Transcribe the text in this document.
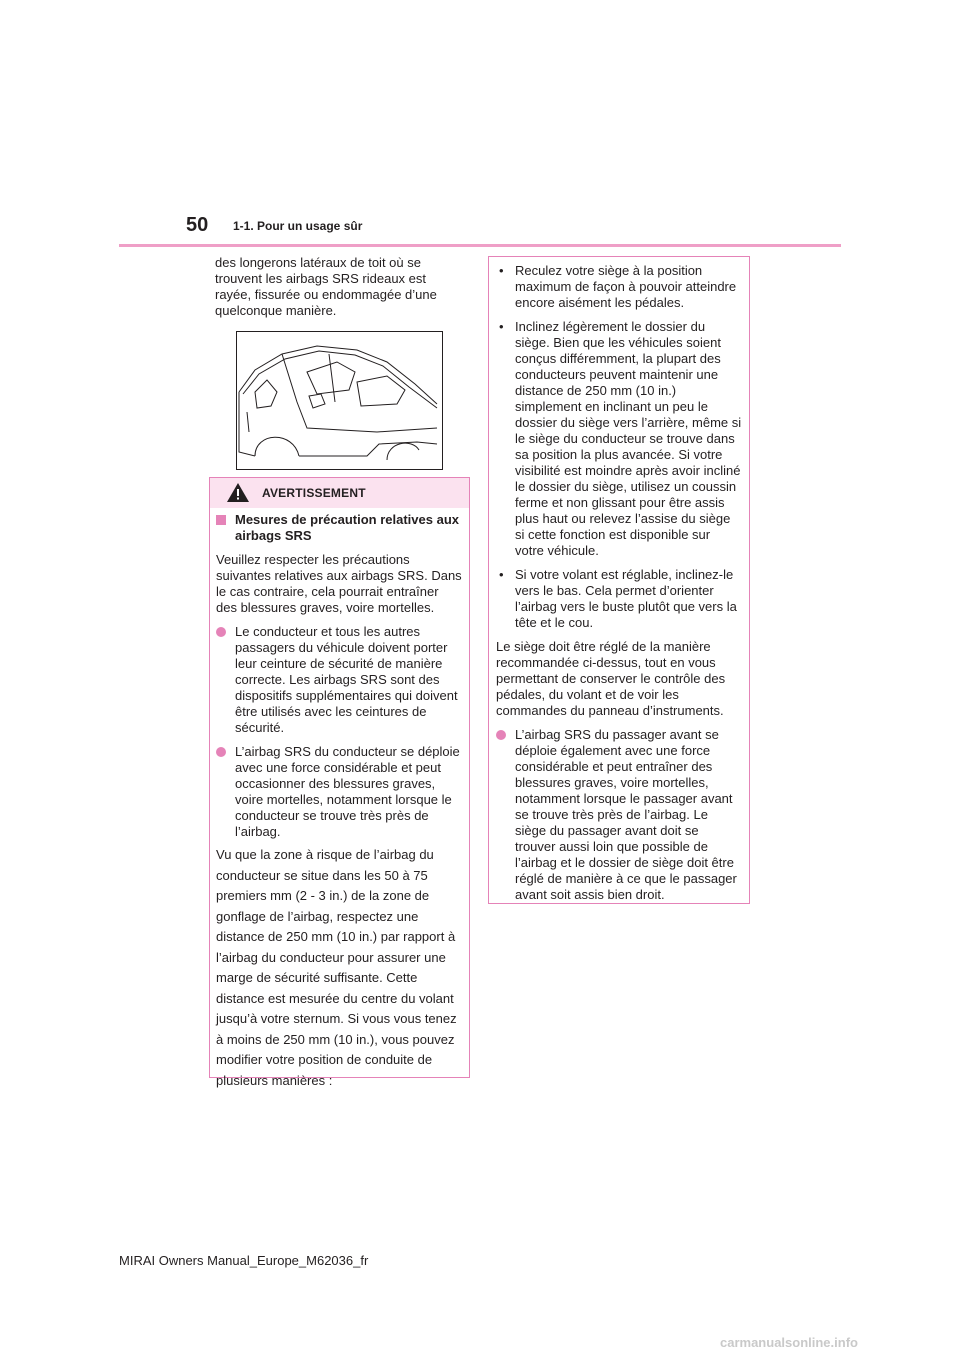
50 1-1. Pour un usage sûr

des longerons latéraux de toit où se trouvent les airbags SRS rideaux est rayée, fissurée ou endommagée d’une quelconque manière.

AVERTISSEMENT

Mesures de précaution relatives aux airbags SRS

Veuillez respecter les précautions suivantes relatives aux airbags SRS. Dans le cas contraire, cela pourrait entraîner des blessures graves, voire mortelles.

Le conducteur et tous les autres passagers du véhicule doivent porter leur ceinture de sécurité de manière correcte. Les airbags SRS sont des dispositifs supplémentaires qui doivent être utilisés avec les ceintures de sécurité.
L’airbag SRS du conducteur se déploie avec une force considérable et peut occasionner des blessures graves, voire mortelles, notamment lorsque le conducteur se trouve très près de l’airbag.

Vu que la zone à risque de l’airbag du conducteur se situe dans les 50 à 75 premiers mm (2 - 3 in.) de la zone de gonflage de l’airbag, respectez une distance de 250 mm (10 in.) par rapport à l’airbag du conducteur pour assurer une marge de sécurité suffisante. Cette distance est mesurée du centre du volant jusqu’à votre sternum. Si vous vous tenez à moins de 250 mm (10 in.), vous pouvez modifier votre position de conduite de plusieurs manières :

• Reculez votre siège à la position maximum de façon à pouvoir atteindre encore aisément les pédales.
• Inclinez légèrement le dossier du siège. Bien que les véhicules soient conçus différemment, la plupart des conducteurs peuvent maintenir une distance de 250 mm (10 in.) simplement en inclinant un peu le dossier du siège vers l’arrière, même si le siège du conducteur se trouve dans sa position la plus avancée. Si votre visibilité est moindre après avoir incliné le dossier du siège, utilisez un coussin ferme et non glissant pour être assis plus haut ou relevez l’assise du siège si cette fonction est disponible sur votre véhicule.
• Si votre volant est réglable, inclinez-le vers le bas. Cela permet d’orienter l’airbag vers le buste plutôt que vers la tête et le cou.

Le siège doit être réglé de la manière recommandée ci-dessus, tout en vous permettant de conserver le contrôle des pédales, du volant et de voir les commandes du panneau d’instruments.

L’airbag SRS du passager avant se déploie également avec une force considérable et peut entraîner des blessures graves, voire mortelles, notamment lorsque le passager avant se trouve très près de l’airbag. Le siège du passager avant doit se trouver aussi loin que possible de l’airbag et le dossier de siège doit être réglé de manière à ce que le passager avant soit assis bien droit.
MIRAI Owners Manual_Europe_M62036_fr
carmanualsonline.info
